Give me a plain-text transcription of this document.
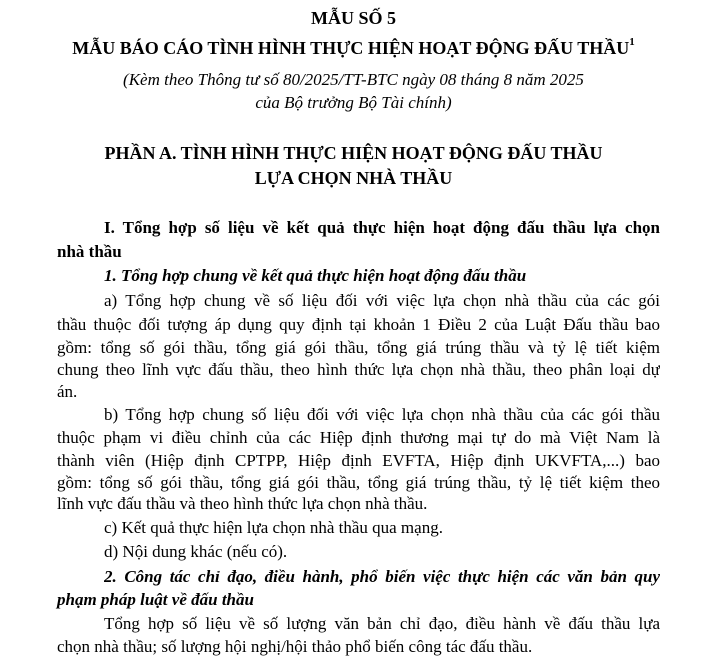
MẪU SỐ 5
MẪU BÁO CÁO TÌNH HÌNH THỰC HIỆN HOẠT ĐỘNG ĐẤU THẦU$^1$
(Kèm theo Thông tư số 80/2025/TT-BTC ngày 08 tháng 8 năm 2025
của Bộ trưởng Bộ Tài chính)
PHẦN A. TÌNH HÌNH THỰC HIỆN HOẠT ĐỘNG ĐẤU THẦU
LỰA CHỌN NHÀ THẦU
I. Tổng hợp số liệu về kết quả thực hiện hoạt động đấu thầu lựa chọn
nhà thầu
1. Tổng hợp chung về kết quả thực hiện hoạt động đấu thầu
a) Tổng hợp chung về số liệu đối với việc lựa chọn nhà thầu của các gói
thầu thuộc đối tượng áp dụng quy định tại khoản 1 Điều 2 của Luật Đấu thầu bao
gồm: tổng số gói thầu, tổng giá gói thầu, tổng giá trúng thầu và tỷ lệ tiết kiệm
chung theo lĩnh vực đấu thầu, theo hình thức lựa chọn nhà thầu, theo phân loại dự
án.
b) Tổng hợp chung số liệu đối với việc lựa chọn nhà thầu của các gói thầu
thuộc phạm vi điều chỉnh của các Hiệp định thương mại tự do mà Việt Nam là
thành viên (Hiệp định CPTPP, Hiệp định EVFTA, Hiệp định UKVFTA,...) bao
gồm: tổng số gói thầu, tổng giá gói thầu, tổng giá trúng thầu, tỷ lệ tiết kiệm theo
lĩnh vực đấu thầu và theo hình thức lựa chọn nhà thầu.
c) Kết quả thực hiện lựa chọn nhà thầu qua mạng.
d) Nội dung khác (nếu có).
2. Công tác chỉ đạo, điều hành, phổ biến việc thực hiện các văn bản quy
phạm pháp luật về đấu thầu
Tổng hợp số liệu về số lượng văn bản chỉ đạo, điều hành về đấu thầu lựa
chọn nhà thầu; số lượng hội nghị/hội thảo phổ biến công tác đấu thầu.
